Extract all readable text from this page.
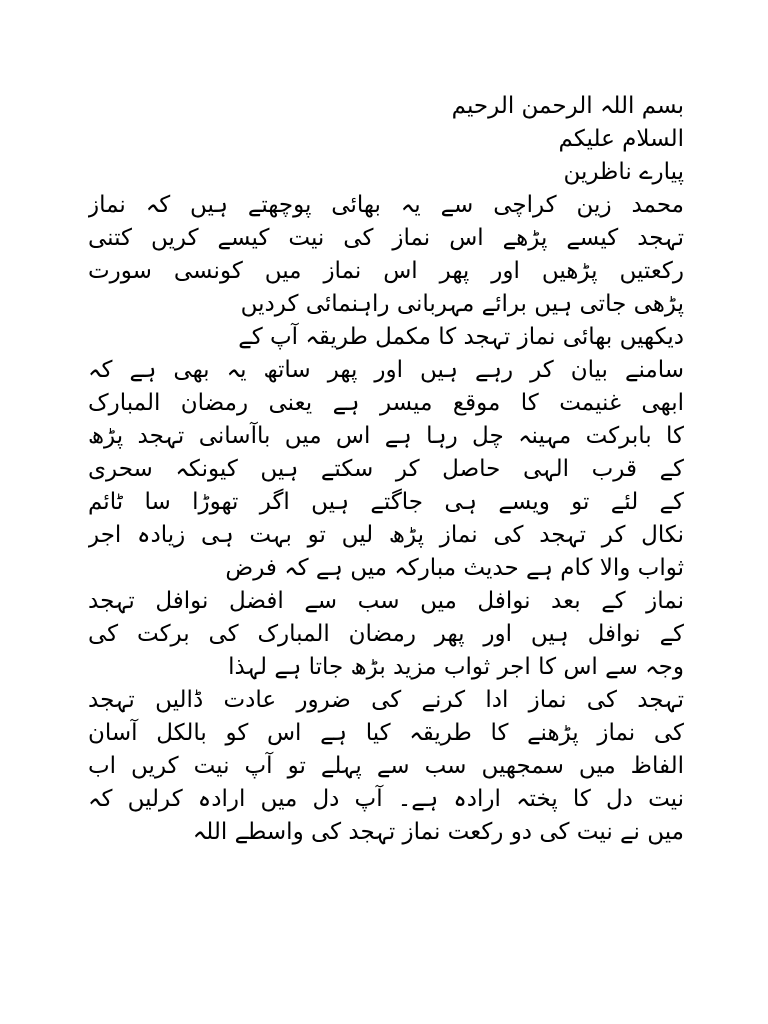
بسم اللہ الرحمن الرحیم
السلام علیکم
پیارے ناظرین
محمد زین کراچی سے یہ بھائی پوچھتے ہیں کہ نماز
تہجد کیسے پڑھے اس نماز کی نیت کیسے کریں کتنی
رکعتیں پڑھیں اور پھر اس نماز میں کونسی سورت
پڑھی جاتی ہیں برائے مہربانی راہنمائی کردیں
دیکھیں بھائی نماز تہجد کا مکمل طریقہ آپ کے
سامنے بیان کر رہے ہیں اور پھر ساتھ یہ بھی ہے کہ
ابھی غنیمت کا موقع میسر ہے یعنی رمضان المبارک
کا بابرکت مہینہ چل رہا ہے اس میں باآسانی تہجد پڑھ
کے قرب الہی حاصل کر سکتے ہیں کیونکہ سحری
کے لئے تو ویسے ہی جاگتے ہیں اگر تھوڑا سا ٹائم
نکال کر تہجد کی نماز پڑھ لیں تو بہت ہی زیادہ اجر
ثواب والا کام ہے حدیث مبارکہ میں ہے کہ فرض
نماز کے بعد نوافل میں سب سے افضل نوافل تہجد
کے نوافل ہیں اور پھر رمضان المبارک کی برکت کی
وجہ سے اس کا اجر ثواب مزید بڑھ جاتا ہے لہذا
تہجد کی نماز ادا کرنے کی ضرور عادت ڈالیں تہجد
کی نماز پڑھنے کا طریقہ کیا ہے اس کو بالکل آسان
الفاظ میں سمجھیں سب سے پہلے تو آپ نیت کریں اب
نیت دل کا پختہ ارادہ ہے۔ آپ دل میں ارادہ کرلیں کہ
میں نے نیت کی دو رکعت نماز تہجد کی واسطے اللہ
